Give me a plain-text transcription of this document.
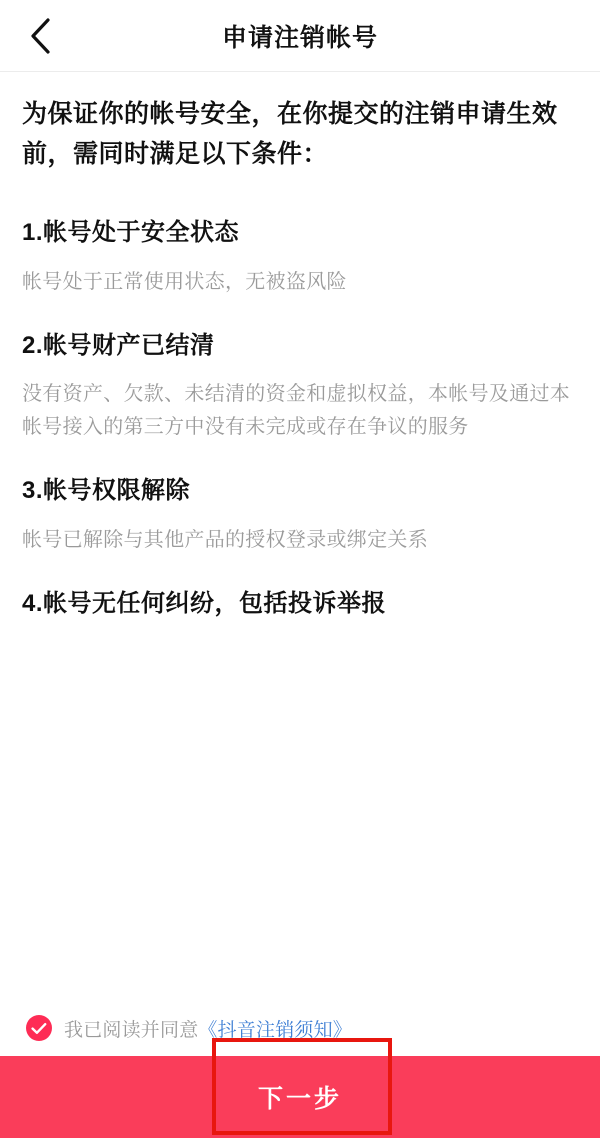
申请注销帐号
为保证你的帐号安全，在你提交的注销申请生效前，需同时满足以下条件：
1.帐号处于安全状态
帐号处于正常使用状态，无被盗风险
2.帐号财产已结清
没有资产、欠款、未结清的资金和虚拟权益，本帐号及通过本帐号接入的第三方中没有未完成或存在争议的服务
3.帐号权限解除
帐号已解除与其他产品的授权登录或绑定关系
4.帐号无任何纠纷，包括投诉举报
我已阅读并同意 《抖音注销须知》
下一步
